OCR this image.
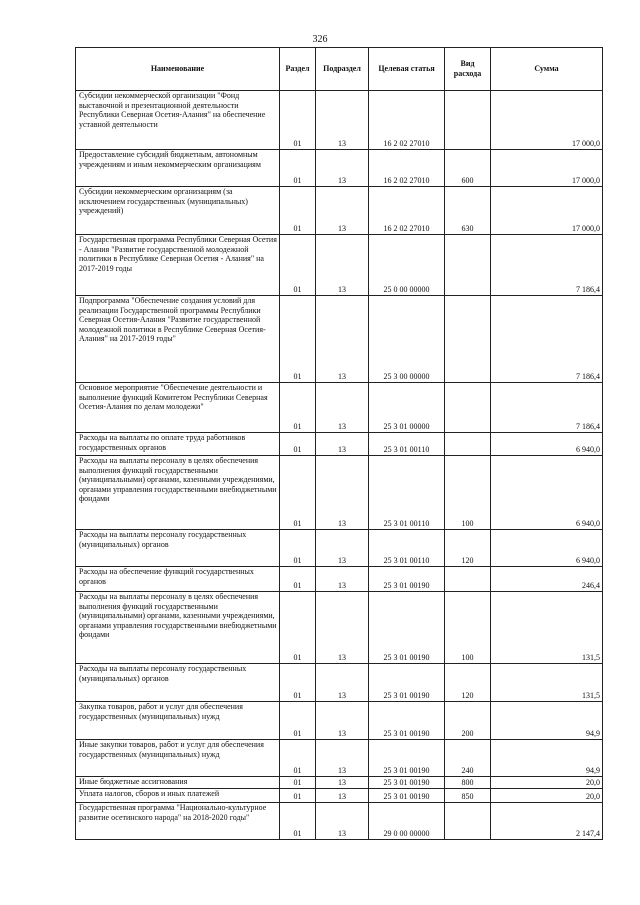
326
Наименование	Раздел	Подраздел	Целевая статья	Вид расхода	Сумма
Субсидии некоммерческой организации "Фонд выставочной и презентационной деятельности Республики Северная Осетия-Алания" на обеспечение уставной деятельности	01	13	16 2 02 27010		17 000,0
Предоставление субсидий бюджетным, автономным учреждениям и иным некоммерческим организациям	01	13	16 2 02 27010	600	17 000,0
Субсидии некоммерческим организациям (за исключением государственных (муниципальных) учреждений)	01	13	16 2 02 27010	630	17 000,0
Государственная программа Республики Северная Осетия - Алания "Развитие государственной молодежной политики в Республике Северная Осетия - Алания" на 2017-2019 годы	01	13	25 0 00 00000		7 186,4
Подпрограмма "Обеспечение создания условий для реализации Государственной программы Республики Северная Осетия-Алания "Развитие государственной молодежной политики в Республике Северная Осетия-Алания" на 2017-2019 годы"	01	13	25 3 00 00000		7 186,4
Основное мероприятие "Обеспечение деятельности и выполнение функций Комитетом Республики Северная Осетия-Алания по делам молодежи"	01	13	25 3 01 00000		7 186,4
Расходы на выплаты по оплате труда работников государственных органов	01	13	25 3 01 00110		6 940,0
Расходы на выплаты персоналу в целях обеспечения выполнения функций государственными (муниципальными) органами, казенными учреждениями, органами управления государственными внебюджетными фондами	01	13	25 3 01 00110	100	6 940,0
Расходы на выплаты персоналу государственных (муниципальных) органов	01	13	25 3 01 00110	120	6 940,0
Расходы на обеспечение функций государственных органов	01	13	25 3 01 00190		246,4
Расходы на выплаты персоналу в целях обеспечения выполнения функций государственными (муниципальными) органами, казенными учреждениями, органами управления государственными внебюджетными фондами	01	13	25 3 01 00190	100	131,5
Расходы на выплаты персоналу государственных (муниципальных) органов	01	13	25 3 01 00190	120	131,5
Закупка товаров, работ и услуг для обеспечения государственных (муниципальных) нужд	01	13	25 3 01 00190	200	94,9
Иные закупки товаров, работ и услуг для обеспечения государственных (муниципальных) нужд	01	13	25 3 01 00190	240	94,9
Иные бюджетные ассигнования	01	13	25 3 01 00190	800	20,0
Уплата налогов, сборов и иных платежей	01	13	25 3 01 00190	850	20,0
Государственная программа "Национально-культурное развитие осетинского народа" на 2018-2020 годы"	01	13	29 0 00 00000		2 147,4
